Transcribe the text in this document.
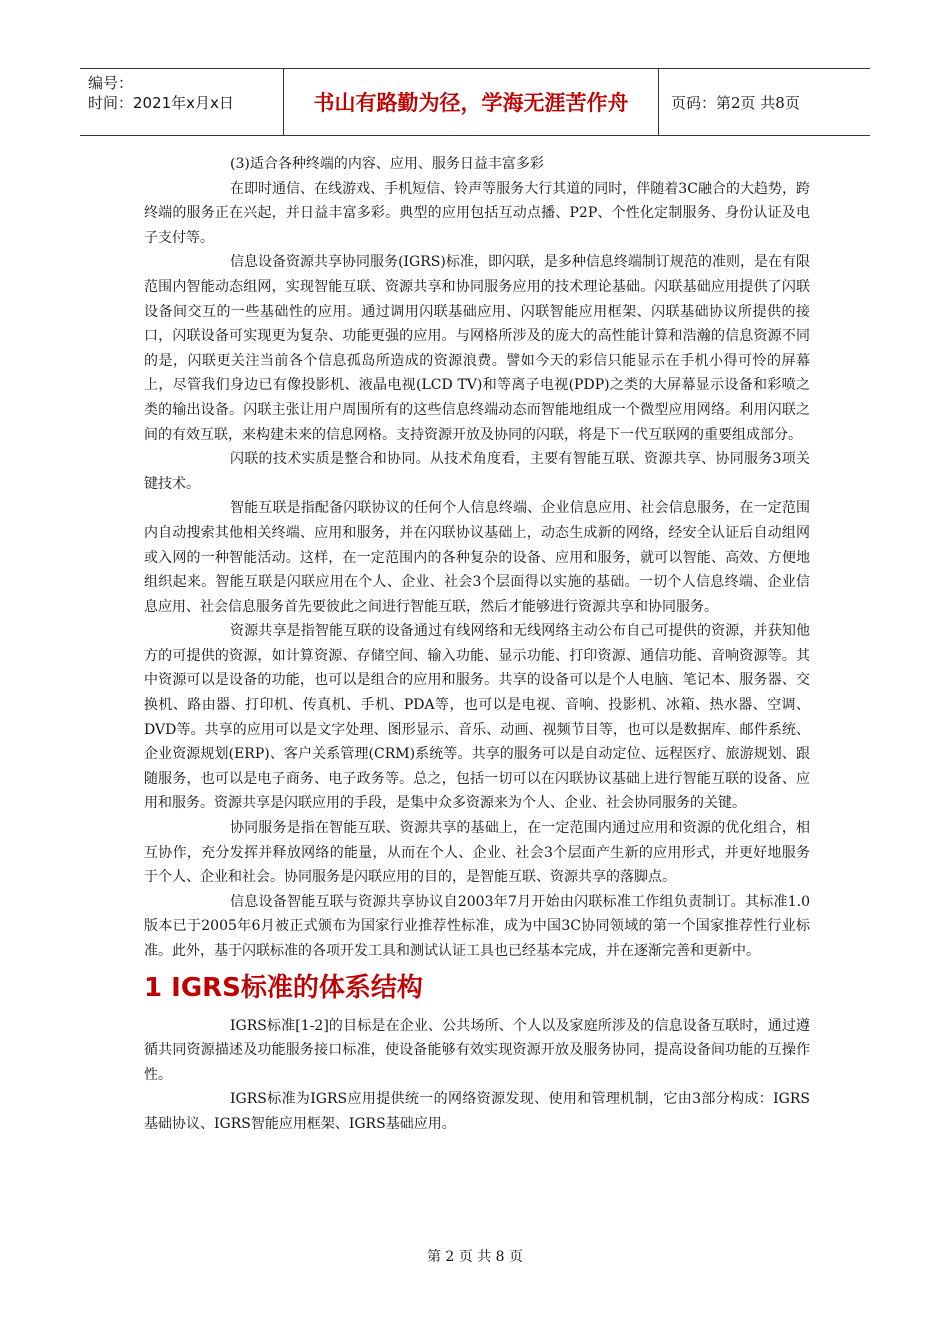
编号：
时间：2021年x月x日	书山有路勤为径，学海无涯苦作舟	页码：第2页 共8页

(3)适合各种终端的内容、应用、服务日益丰富多彩

在即时通信、在线游戏、手机短信、铃声等服务大行其道的同时，伴随着3C融合的大趋势，跨终端的服务正在兴起，并日益丰富多彩。典型的应用包括互动点播、P2P、个性化定制服务、身份认证及电子支付等。

信息设备资源共享协同服务(IGRS)标准，即闪联，是多种信息终端制订规范的准则，是在有限范围内智能动态组网，实现智能互联、资源共享和协同服务应用的技术理论基础。闪联基础应用提供了闪联设备间交互的一些基础性的应用。通过调用闪联基础应用、闪联智能应用框架、闪联基础协议所提供的接口，闪联设备可实现更为复杂、功能更强的应用。与网格所涉及的庞大的高性能计算和浩瀚的信息资源不同的是，闪联更关注当前各个信息孤岛所造成的资源浪费。譬如今天的彩信只能显示在手机小得可怜的屏幕上，尽管我们身边已有像投影机、液晶电视(LCD TV)和等离子电视(PDP)之类的大屏幕显示设备和彩喷之类的输出设备。闪联主张让用户周围所有的这些信息终端动态而智能地组成一个微型应用网络。利用闪联之间的有效互联，来构建未来的信息网格。支持资源开放及协同的闪联，将是下一代互联网的重要组成部分。

闪联的技术实质是整合和协同。从技术角度看，主要有智能互联、资源共享、协同服务3项关键技术。

智能互联是指配备闪联协议的任何个人信息终端、企业信息应用、社会信息服务，在一定范围内自动搜索其他相关终端、应用和服务，并在闪联协议基础上，动态生成新的网络，经安全认证后自动组网或入网的一种智能活动。这样，在一定范围内的各种复杂的设备、应用和服务，就可以智能、高效、方便地组织起来。智能互联是闪联应用在个人、企业、社会3个层面得以实施的基础。一切个人信息终端、企业信息应用、社会信息服务首先要彼此之间进行智能互联，然后才能够进行资源共享和协同服务。

资源共享是指智能互联的设备通过有线网络和无线网络主动公布自己可提供的资源，并获知他方的可提供的资源，如计算资源、存储空间、输入功能、显示功能、打印资源、通信功能、音响资源等。其中资源可以是设备的功能，也可以是组合的应用和服务。共享的设备可以是个人电脑、笔记本、服务器、交换机、路由器、打印机、传真机、手机、PDA等，也可以是电视、音响、投影机、冰箱、热水器、空调、DVD等。共享的应用可以是文字处理、图形显示、音乐、动画、视频节目等，也可以是数据库、邮件系统、企业资源规划(ERP)、客户关系管理(CRM)系统等。共享的服务可以是自动定位、远程医疗、旅游规划、跟随服务，也可以是电子商务、电子政务等。总之，包括一切可以在闪联协议基础上进行智能互联的设备、应用和服务。资源共享是闪联应用的手段，是集中众多资源来为个人、企业、社会协同服务的关键。

协同服务是指在智能互联、资源共享的基础上，在一定范围内通过应用和资源的优化组合，相互协作，充分发挥并释放网络的能量，从而在个人、企业、社会3个层面产生新的应用形式，并更好地服务于个人、企业和社会。协同服务是闪联应用的目的，是智能互联、资源共享的落脚点。

信息设备智能互联与资源共享协议自2003年7月开始由闪联标准工作组负责制订。其标准1.0版本已于2005年6月被正式颁布为国家行业推荐性标准，成为中国3C协同领域的第一个国家推荐性行业标准。此外，基于闪联标准的各项开发工具和测试认证工具也已经基本完成，并在逐渐完善和更新中。

1 IGRS标准的体系结构

IGRS标准[1-2]的目标是在企业、公共场所、个人以及家庭所涉及的信息设备互联时，通过遵循共同资源描述及功能服务接口标准，使设备能够有效实现资源开放及服务协同，提高设备间功能的互操作性。

IGRS标准为IGRS应用提供统一的网络资源发现、使用和管理机制，它由3部分构成：IGRS基础协议、IGRS智能应用框架、IGRS基础应用。

第 2 页 共 8 页
